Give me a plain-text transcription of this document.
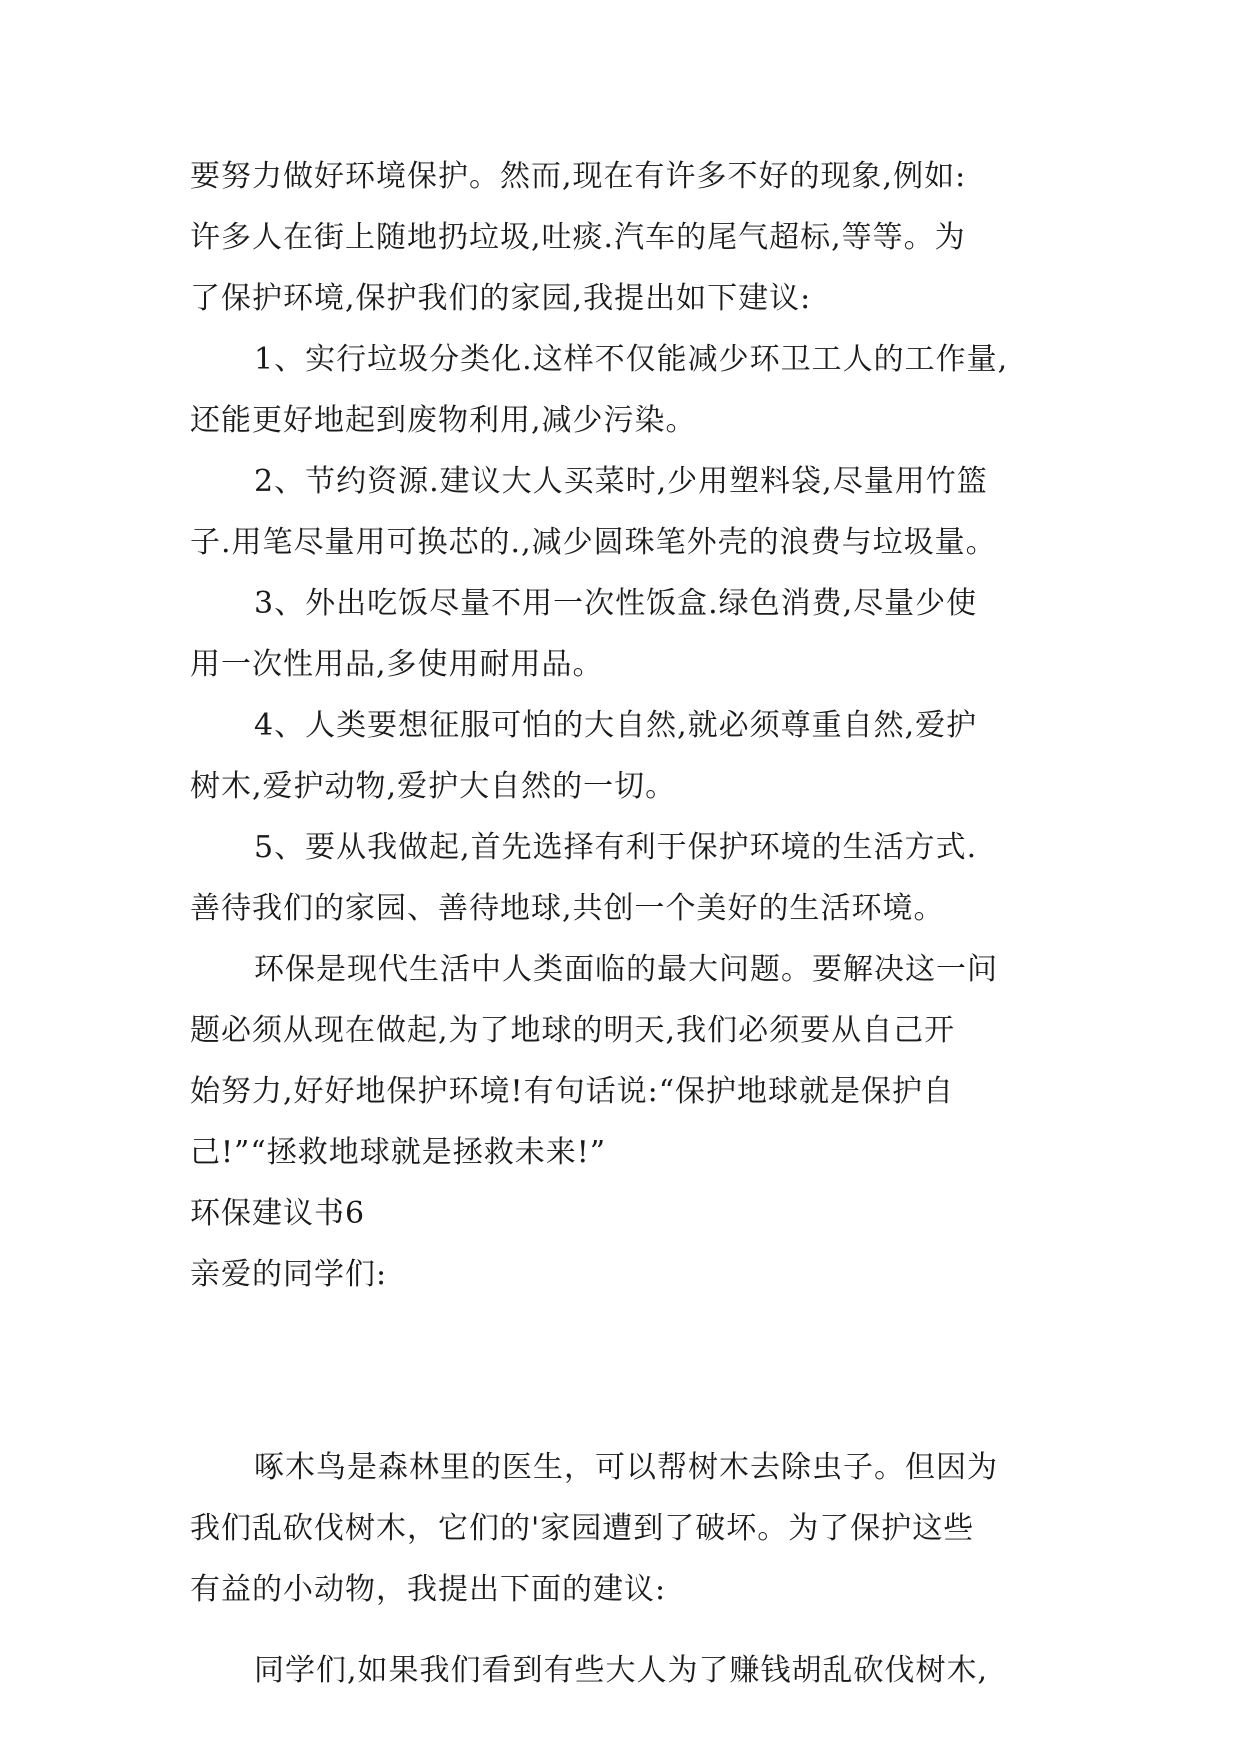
要努力做好环境保护。然而,现在有许多不好的现象,例如:
许多人在街上随地扔垃圾,吐痰.汽车的尾气超标,等等。为
了保护环境,保护我们的家园,我提出如下建议:
1、实行垃圾分类化.这样不仅能减少环卫工人的工作量,
还能更好地起到废物利用,减少污染。
2、节约资源.建议大人买菜时,少用塑料袋,尽量用竹篮
子.用笔尽量用可换芯的.,减少圆珠笔外壳的浪费与垃圾量。
3、外出吃饭尽量不用一次性饭盒.绿色消费,尽量少使
用一次性用品,多使用耐用品。
4、人类要想征服可怕的大自然,就必须尊重自然,爱护
树木,爱护动物,爱护大自然的一切。
5、要从我做起,首先选择有利于保护环境的生活方式.
善待我们的家园、善待地球,共创一个美好的生活环境。
环保是现代生活中人类面临的最大问题。要解决这一问
题必须从现在做起,为了地球的明天,我们必须要从自己开
始努力,好好地保护环境!有句话说:“保护地球就是保护自
己!”“拯救地球就是拯救未来!”
环保建议书6
亲爱的同学们:
啄木鸟是森林里的医生，可以帮树木去除虫子。但因为
我们乱砍伐树木，它们的'家园遭到了破坏。为了保护这些
有益的小动物，我提出下面的建议:
同学们,如果我们看到有些大人为了赚钱胡乱砍伐树木,
